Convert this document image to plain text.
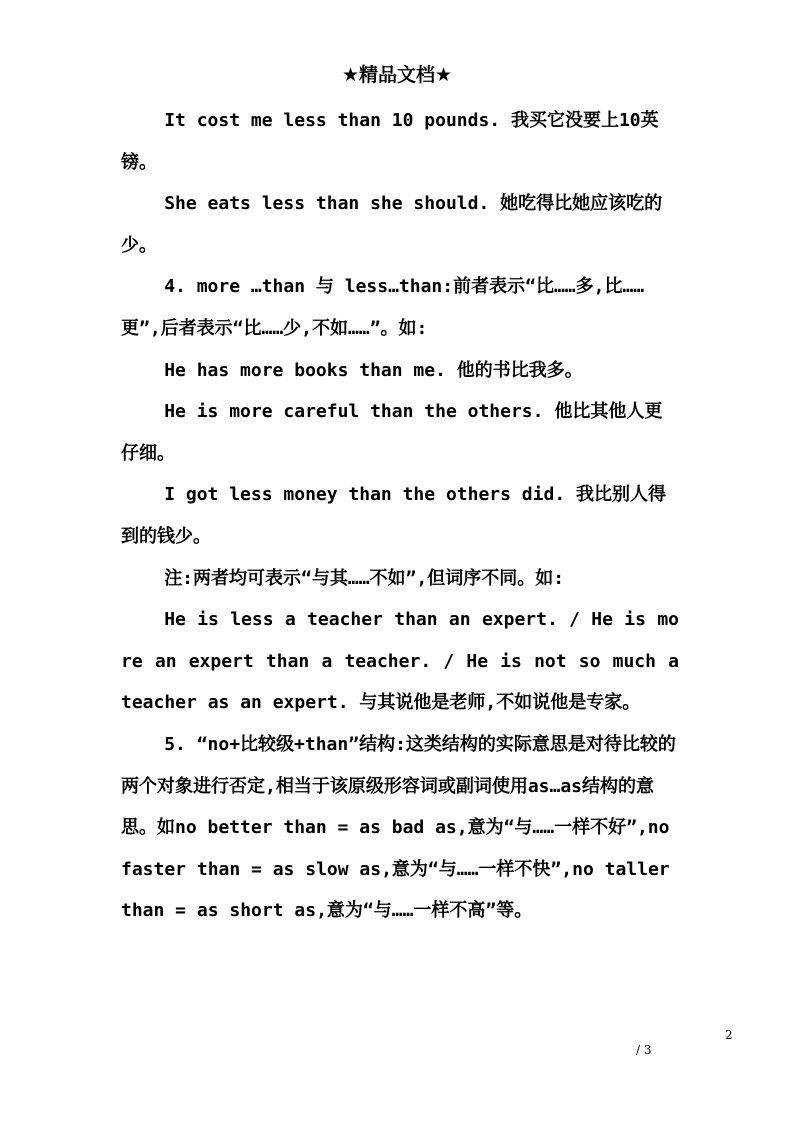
★精品文档★

It cost me less than 10 pounds. 我买它没要上10英镑。

She eats less than she should. 她吃得比她应该吃的少。

4. more …than 与 less…than:前者表示“比……多,比……更”,后者表示“比……少,不如……”。如:

He has more books than me. 他的书比我多。

He is more careful than the others. 他比其他人更仔细。

I got less money than the others did. 我比别人得到的钱少。

注:两者均可表示“与其……不如”,但词序不同。如:

He is less a teacher than an expert. / He is more an expert than a teacher. / He is not so much a teacher as an expert. 与其说他是老师,不如说他是专家。

5. “no+比较级+than”结构:这类结构的实际意思是对待比较的两个对象进行否定,相当于该原级形容词或副词使用as…as结构的意思。如no better than = as bad as,意为“与……一样不好”,no faster than = as slow as,意为“与……一样不快”,no taller than = as short as,意为“与……一样不高”等。

2
/ 3
